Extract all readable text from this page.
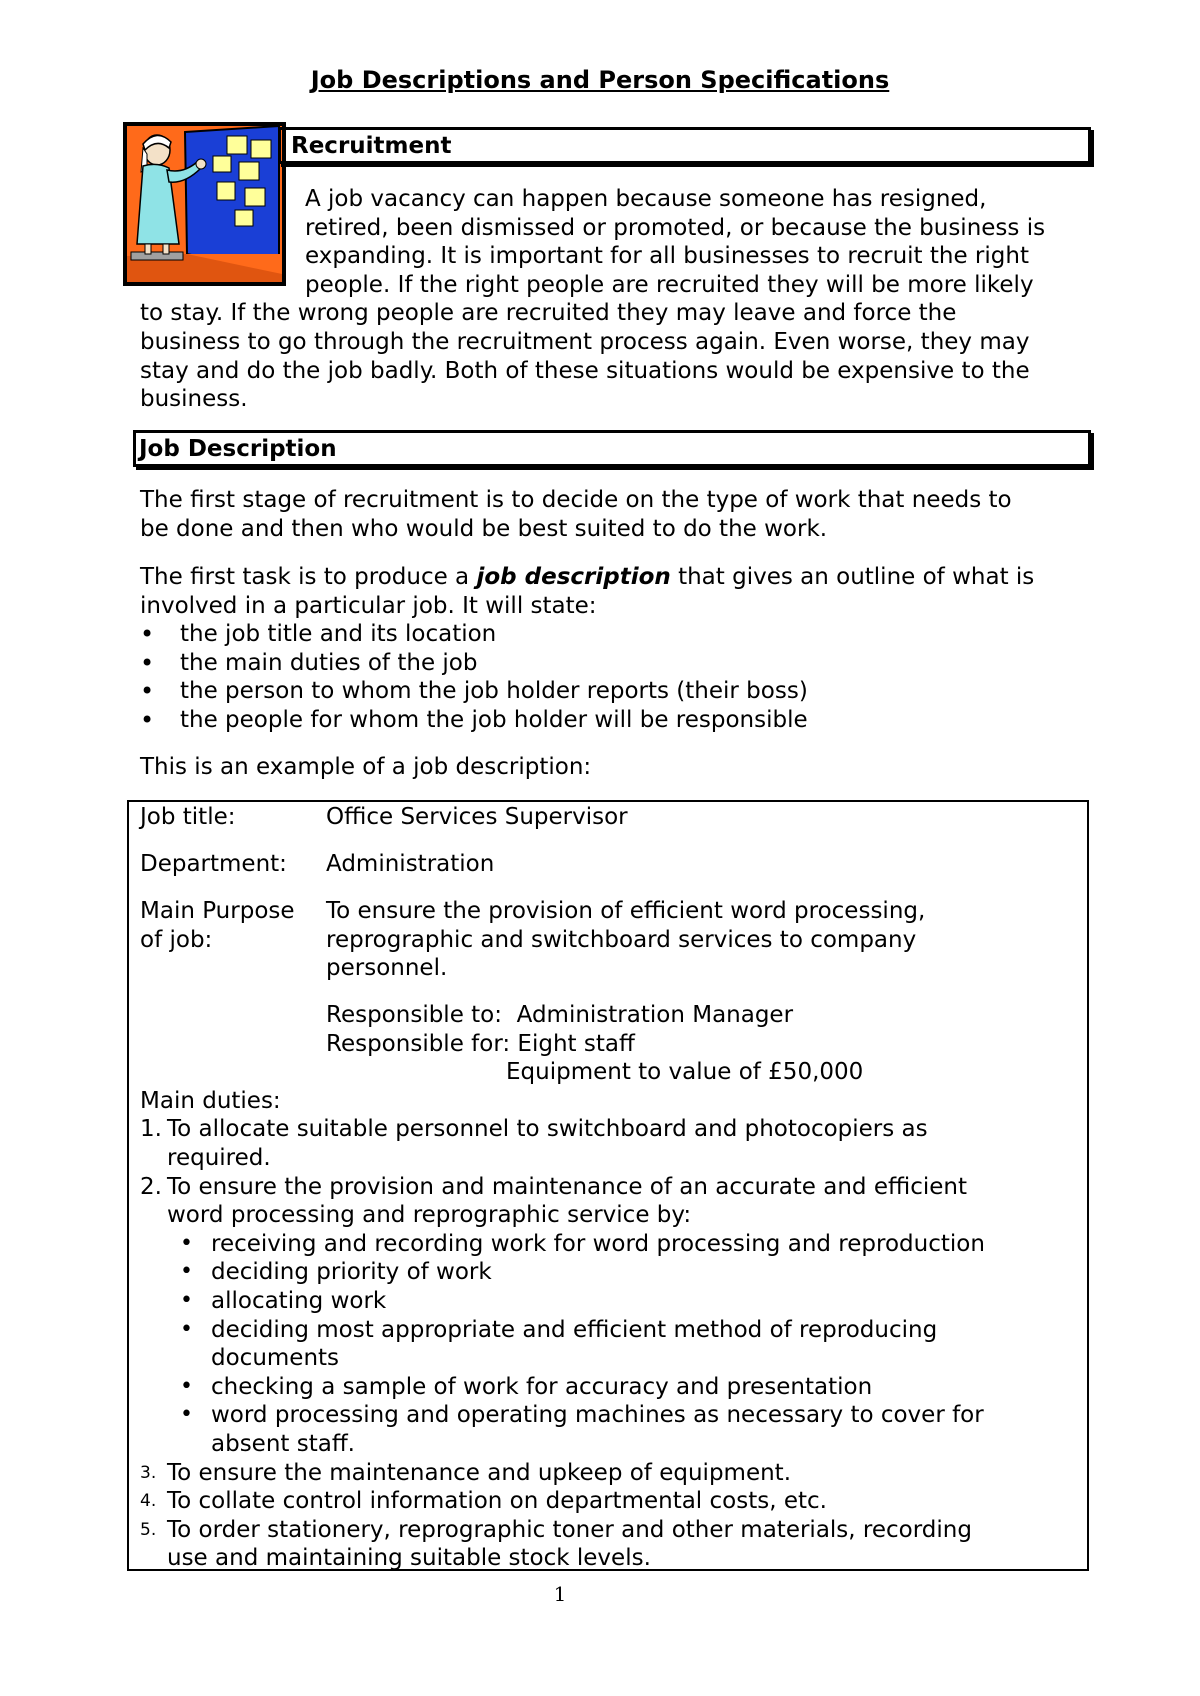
Job Descriptions and Person Specifications
Recruitment
A job vacancy can happen because someone has resigned,
retired, been dismissed or promoted, or because the business is
expanding. It is important for all businesses to recruit the right
people. If the right people are recruited they will be more likely
to stay. If the wrong people are recruited they may leave and force the
business to go through the recruitment process again. Even worse, they may
stay and do the job badly. Both of these situations would be expensive to the
business.
Job Description
The first stage of recruitment is to decide on the type of work that needs to
be done and then who would be best suited to do the work.
The first task is to produce a job description that gives an outline of what is
involved in a particular job. It will state:
• the job title and its location
• the main duties of the job
• the person to whom the job holder reports (their boss)
• the people for whom the job holder will be responsible
This is an example of a job description:
Job title:	Office Services Supervisor
Department: Administration
Main Purpose
of job:
To ensure the provision of efficient word processing,
reprographic and switchboard services to company
personnel.
Responsible to:  Administration Manager
Responsible for: Eight staff
Equipment to value of £50,000
Main duties:
1. To allocate suitable personnel to switchboard and photocopiers as
required.
2. To ensure the provision and maintenance of an accurate and efficient
word processing and reprographic service by:
• receiving and recording work for word processing and reproduction
• deciding priority of work
• allocating work
• deciding most appropriate and efficient method of reproducing
documents
• checking a sample of work for accuracy and presentation
• word processing and operating machines as necessary to cover for
absent staff.
3. To ensure the maintenance and upkeep of equipment.
4. To collate control information on departmental costs, etc.
5. To order stationery, reprographic toner and other materials, recording
use and maintaining suitable stock levels.
1
